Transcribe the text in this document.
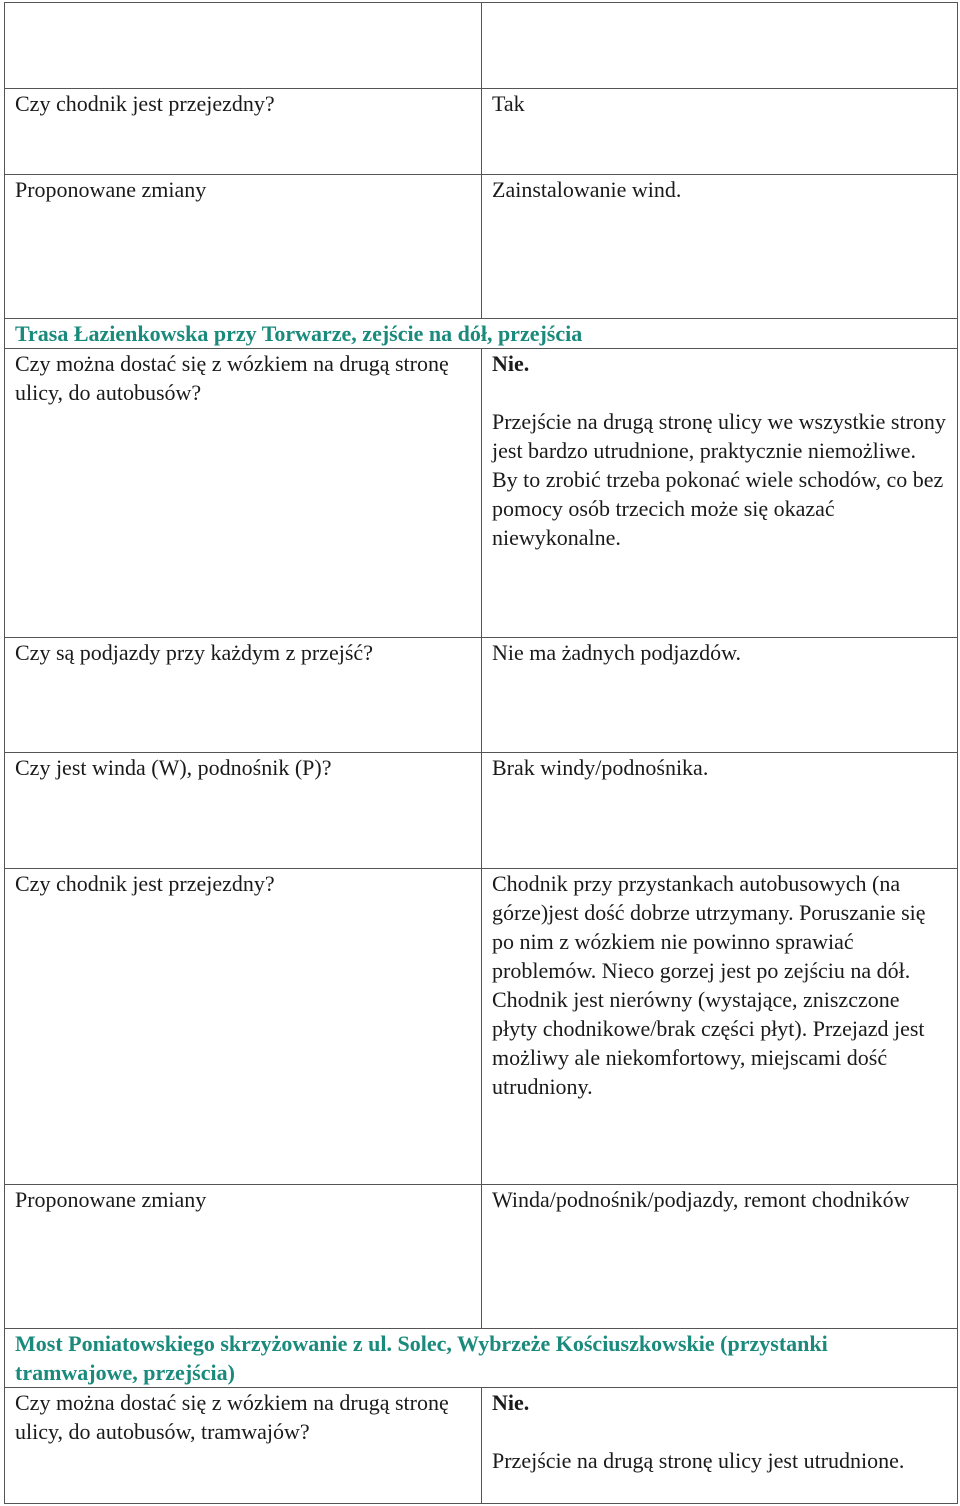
Czy chodnik jest przejezdny?	Tak
Proponowane zmiany	Zainstalowanie wind.
Trasa Łazienkowska przy Torwarze, zejście na dół, przejścia	
Czy można dostać się z wózkiem na drugą stronę ulicy, do autobusów?	Nie.

Przejście na drugą stronę ulicy we wszystkie strony jest bardzo utrudnione, praktycznie niemożliwe. By to zrobić trzeba pokonać wiele schodów, co bez pomocy osób trzecich może się okazać niewykonalne.

Czy są podjazdy przy każdym z przejść?	Nie ma żadnych podjazdów.
Czy jest winda (W), podnośnik (P)?	Brak windy/podnośnika.
Czy chodnik jest przejezdny?	Chodnik przy przystankach autobusowych (na górze)jest dość dobrze utrzymany. Poruszanie się po nim z wózkiem nie powinno sprawiać problemów. Nieco gorzej jest po zejściu na dół. Chodnik jest nierówny (wystające, zniszczone płyty chodnikowe/brak części płyt). Przejazd jest możliwy ale niekomfortowy, miejscami dość utrudniony.
Proponowane zmiany	Winda/podnośnik/podjazdy, remont chodników
Most Poniatowskiego skrzyżowanie z ul. Solec, Wybrzeże Kościuszkowskie (przystanki tramwajowe, przejścia)	
Czy można dostać się z wózkiem na drugą stronę ulicy, do autobusów, tramwajów?	Nie.

Przejście na drugą stronę ulicy jest utrudnione.
